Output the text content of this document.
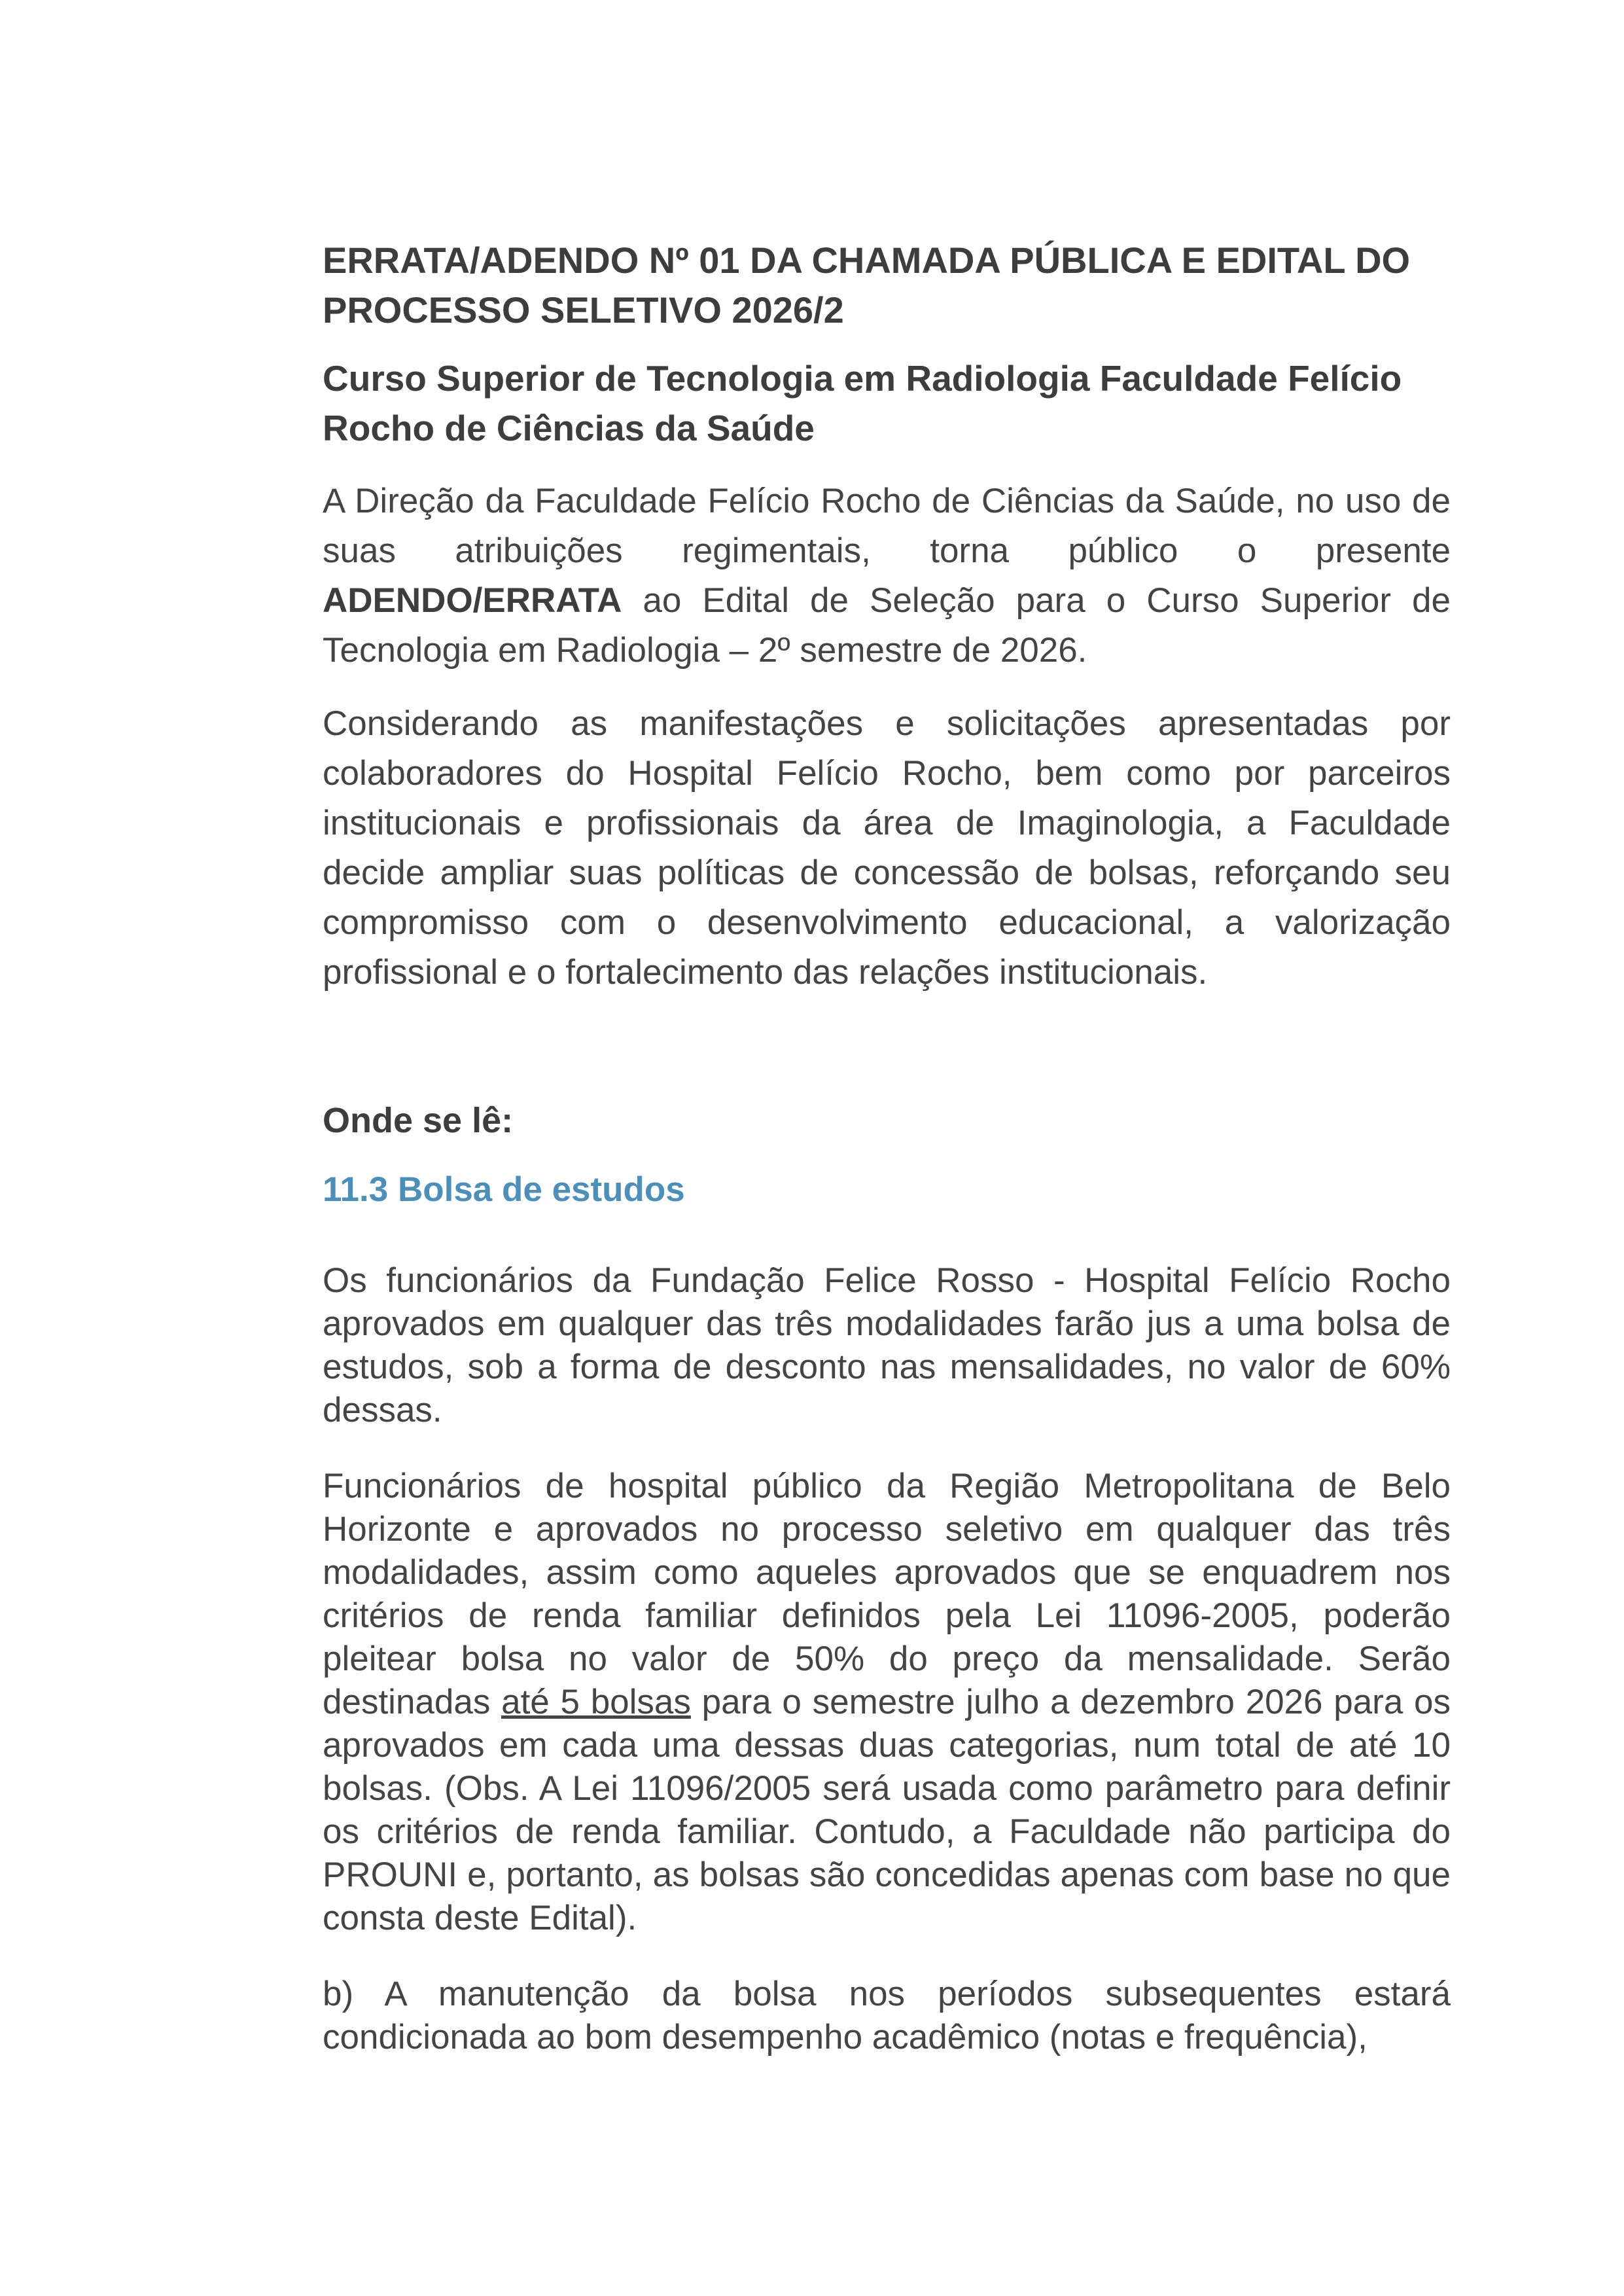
ERRATA/ADENDO Nº 01 DA CHAMADA PÚBLICA E EDITAL DO PROCESSO SELETIVO 2026/2
Curso Superior de Tecnologia em Radiologia Faculdade Felício Rocho de Ciências da Saúde

A Direção da Faculdade Felício Rocho de Ciências da Saúde, no uso de suas atribuições regimentais, torna público o presente ADENDO/ERRATA ao Edital de Seleção para o Curso Superior de Tecnologia em Radiologia – 2º semestre de 2026.

Considerando as manifestações e solicitações apresentadas por colaboradores do Hospital Felício Rocho, bem como por parceiros institucionais e profissionais da área de Imaginologia, a Faculdade decide ampliar suas políticas de concessão de bolsas, reforçando seu compromisso com o desenvolvimento educacional, a valorização profissional e o fortalecimento das relações institucionais.

Onde se lê:
11.3 Bolsa de estudos

Os funcionários da Fundação Felice Rosso - Hospital Felício Rocho aprovados em qualquer das três modalidades farão jus a uma bolsa de estudos, sob a forma de desconto nas mensalidades, no valor de 60% dessas.

Funcionários de hospital público da Região Metropolitana de Belo Horizonte e aprovados no processo seletivo em qualquer das três modalidades, assim como aqueles aprovados que se enquadrem nos critérios de renda familiar definidos pela Lei 11096-2005, poderão pleitear bolsa no valor de 50% do preço da mensalidade. Serão destinadas até 5 bolsas para o semestre julho a dezembro 2026 para os aprovados em cada uma dessas duas categorias, num total de até 10 bolsas. (Obs. A Lei 11096/2005 será usada como parâmetro para definir os critérios de renda familiar. Contudo, a Faculdade não participa do PROUNI e, portanto, as bolsas são concedidas apenas com base no que consta deste Edital).

b) A manutenção da bolsa nos períodos subsequentes estará condicionada ao bom desempenho acadêmico (notas e frequência),
